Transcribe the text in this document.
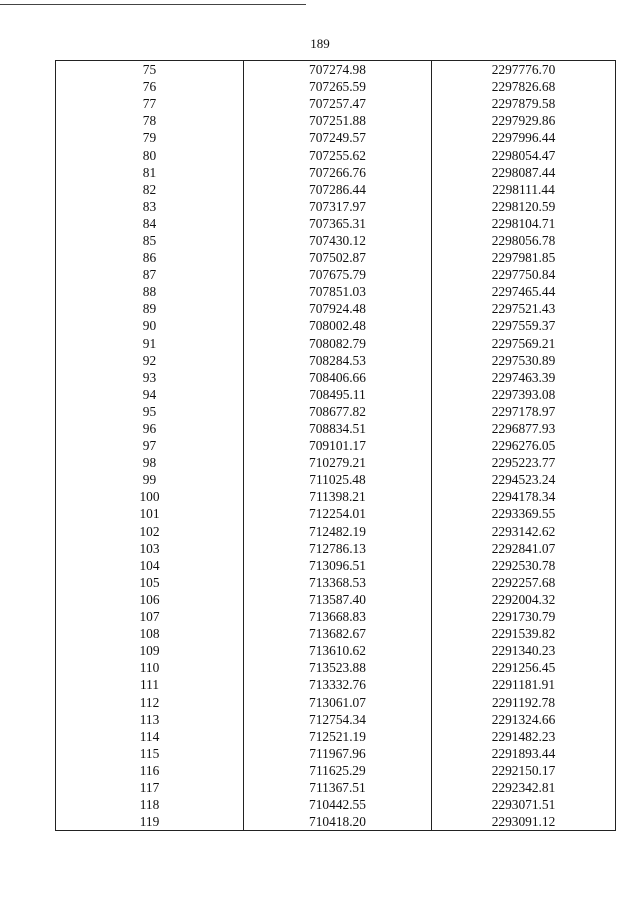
189
75	707274.98	2297776.70
76	707265.59	2297826.68
77	707257.47	2297879.58
78	707251.88	2297929.86
79	707249.57	2297996.44
80	707255.62	2298054.47
81	707266.76	2298087.44
82	707286.44	2298111.44
83	707317.97	2298120.59
84	707365.31	2298104.71
85	707430.12	2298056.78
86	707502.87	2297981.85
87	707675.79	2297750.84
88	707851.03	2297465.44
89	707924.48	2297521.43
90	708002.48	2297559.37
91	708082.79	2297569.21
92	708284.53	2297530.89
93	708406.66	2297463.39
94	708495.11	2297393.08
95	708677.82	2297178.97
96	708834.51	2296877.93
97	709101.17	2296276.05
98	710279.21	2295223.77
99	711025.48	2294523.24
100	711398.21	2294178.34
101	712254.01	2293369.55
102	712482.19	2293142.62
103	712786.13	2292841.07
104	713096.51	2292530.78
105	713368.53	2292257.68
106	713587.40	2292004.32
107	713668.83	2291730.79
108	713682.67	2291539.82
109	713610.62	2291340.23
110	713523.88	2291256.45
111	713332.76	2291181.91
112	713061.07	2291192.78
113	712754.34	2291324.66
114	712521.19	2291482.23
115	711967.96	2291893.44
116	711625.29	2292150.17
117	711367.51	2292342.81
118	710442.55	2293071.51
119	710418.20	2293091.12
